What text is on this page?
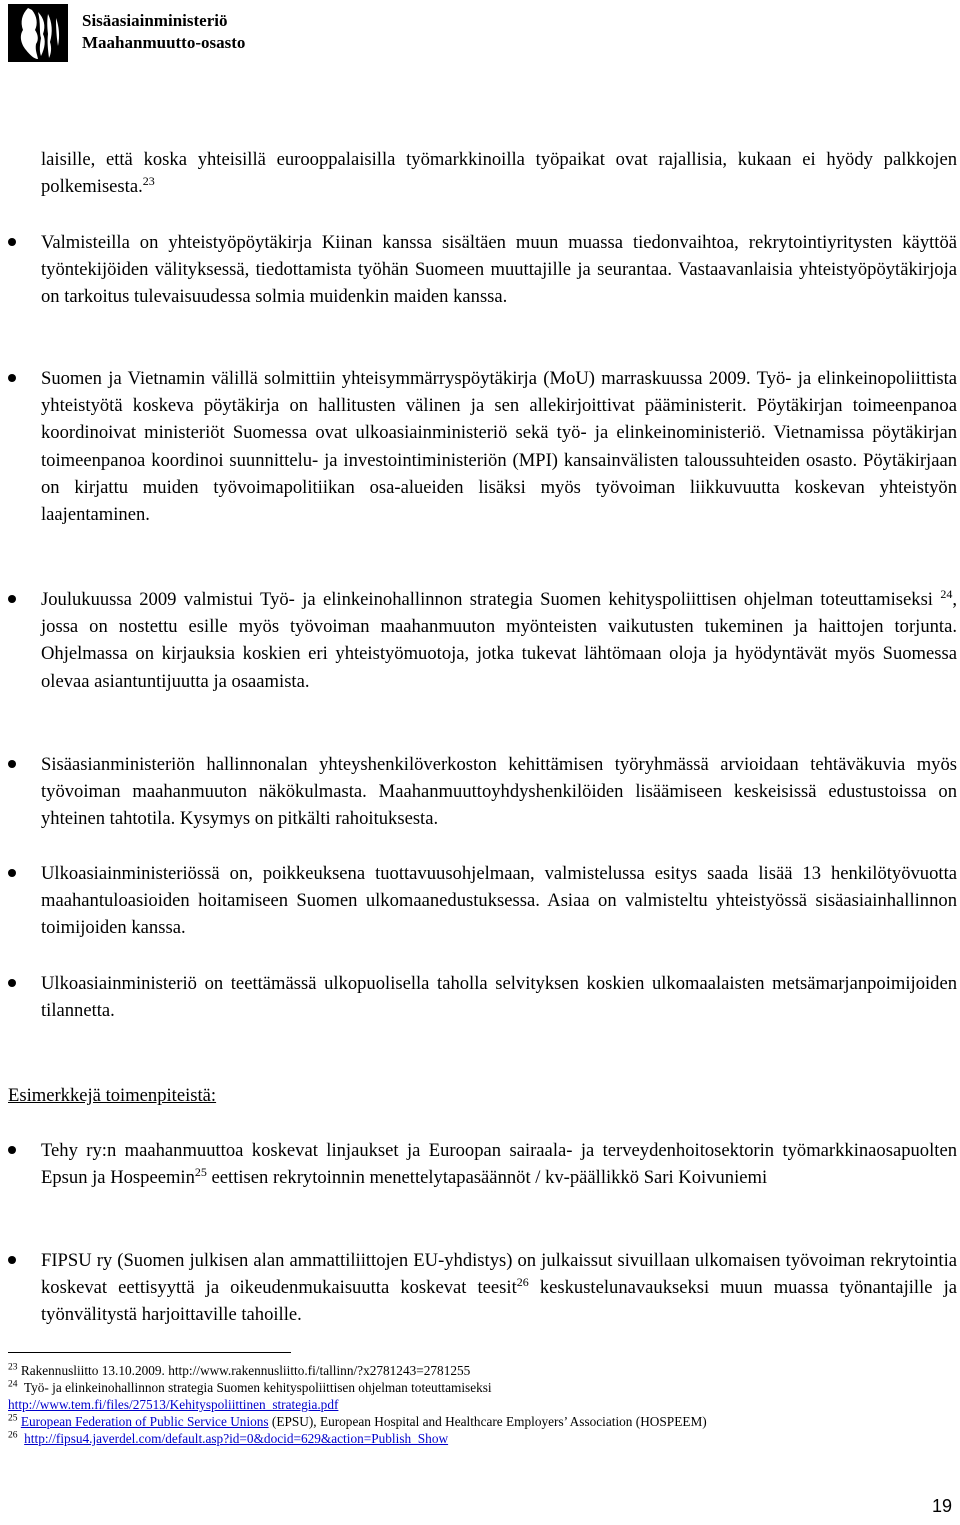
Sisäasiainministeriö
Maahanmuutto-osasto
laisille, että koska yhteisillä eurooppalaisilla työmarkkinoilla työpaikat ovat rajallisia, kukaan ei hyödy palkkojen polkemisesta.$^{23}$
Valmisteilla on yhteistyöpöytäkirja Kiinan kanssa sisältäen muun muassa tiedonvaihtoa, rekrytointiyritysten käyttöä työntekijöiden välityksessä, tiedottamista työhän Suomeen muuttajille ja seurantaa. Vastaavanlaisia yhteistyöpöytäkirjoja on tarkoitus tulevaisuudessa solmia muidenkin maiden kanssa.
Suomen ja Vietnamin välillä solmittiin yhteisymmärryspöytäkirja (MoU) marraskuussa 2009. Työ- ja elinkeinopoliittista yhteistyötä koskeva pöytäkirja on hallitusten välinen ja sen allekirjoittivat pääministerit. Pöytäkirjan toimeenpanoa koordinoivat ministeriöt Suomessa ovat ulkoasiainministeriö sekä työ- ja elinkeinoministeriö. Vietnamissa pöytäkirjan toimeenpanoa koordinoi suunnittelu- ja investointiministeriön (MPI) kansainvälisten taloussuhteiden osasto. Pöytäkirjaan on kirjattu muiden työvoimapolitiikan osa-alueiden lisäksi myös työvoiman liikkuvuutta koskevan yhteistyön laajentaminen.
Joulukuussa 2009 valmistui Työ- ja elinkeinohallinnon strategia Suomen kehityspoliittisen ohjelman toteuttamiseksi $^{24}$, jossa on nostettu esille myös työvoiman maahanmuuton myönteisten vaikutusten tukeminen ja haittojen torjunta. Ohjelmassa on kirjauksia koskien eri yhteistyömuotoja, jotka tukevat lähtömaan oloja ja hyödyntävät myös Suomessa olevaa asiantuntijuutta ja osaamista.
Sisäasianministeriön hallinnonalan yhteyshenkilöverkoston kehittämisen työryhmässä arvioidaan tehtäväkuvia myös työvoiman maahanmuuton näkökulmasta. Maahanmuuttoyhdyshenkilöiden lisäämiseen keskeisissä edustustoissa on yhteinen tahtotila. Kysymys on pitkälti rahoituksesta.
Ulkoasiainministeriössä on, poikkeuksena tuottavuusohjelmaan, valmistelussa esitys saada lisää 13 henkilötyövuotta maahantuloasioiden hoitamiseen Suomen ulkomaanedustuksessa. Asiaa on valmisteltu yhteistyössä sisäasiainhallinnon toimijoiden kanssa.
Ulkoasiainministeriö on teettämässä ulkopuolisella taholla selvityksen koskien ulkomaalaisten metsämarjanpoimijoiden tilannetta.
Esimerkkejä toimenpiteistä:
Tehy ry:n maahanmuuttoa koskevat linjaukset ja Euroopan sairaala- ja terveydenhoitosektorin työmarkkinaosapuolten Epsun ja Hospeemin$^{25}$ eettisen rekrytoinnin menettelytapasäännöt / kv-päällikkö Sari Koivuniemi
FIPSU ry (Suomen julkisen alan ammattiliittojen EU-yhdistys) on julkaissut sivuillaan ulkomaisen työvoiman rekrytointia koskevat eettisyyttä ja oikeudenmukaisuutta koskevat teesit$^{26}$ keskustelunavaukseksi muun muassa työnantajille ja työnvälitystä harjoittaville tahoille.
$^{23}$ Rakennusliitto 13.10.2009. http://www.rakennusliitto.fi/tallinn/?x2781243=2781255
$^{24}$ Työ- ja elinkeinohallinnon strategia Suomen kehityspoliittisen ohjelman toteuttamiseksi
http://www.tem.fi/files/27513/Kehityspoliittinen_strategia.pdf
$^{25}$ European Federation of Public Service Unions (EPSU), European Hospital and Healthcare Employers’ Association (HOSPEEM)
$^{26}$ http://fipsu4.javerdel.com/default.asp?id=0&docid=629&action=Publish_Show
19
